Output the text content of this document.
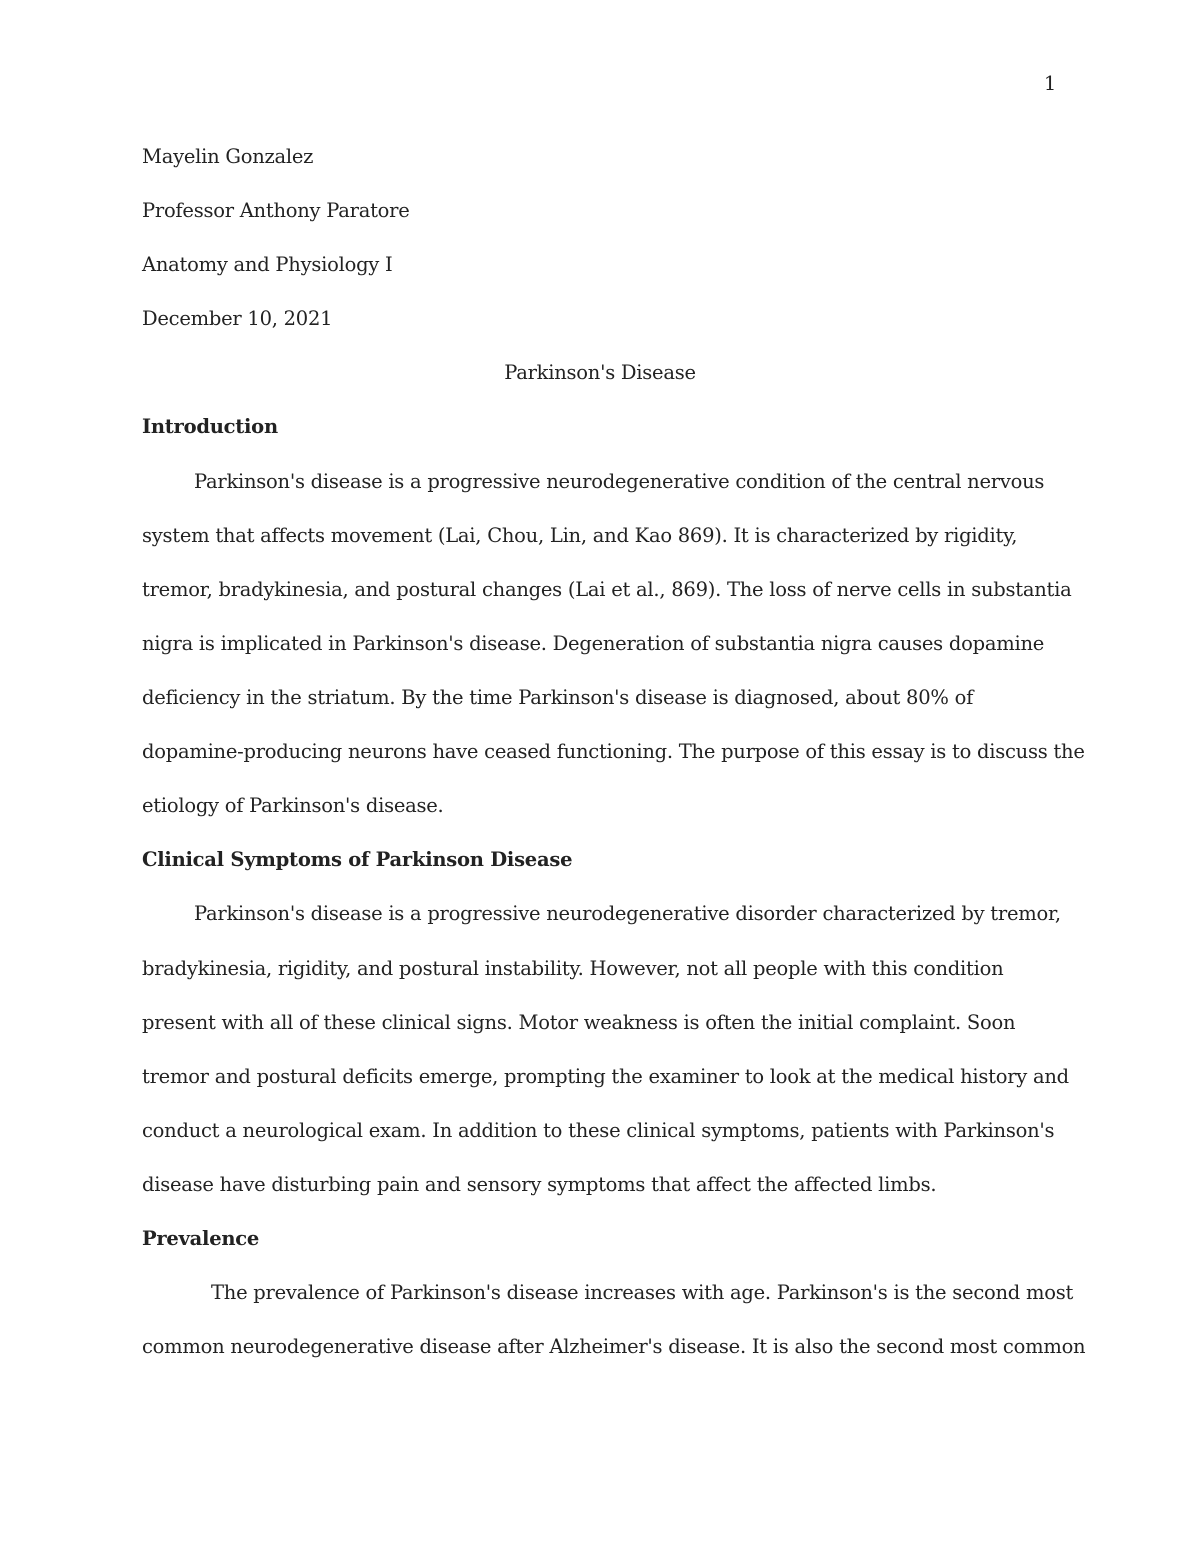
1
Mayelin Gonzalez
Professor Anthony Paratore
Anatomy and Physiology I
December 10, 2021
Parkinson's Disease
Introduction
Parkinson's disease is a progressive neurodegenerative condition of the central nervous
system that affects movement (Lai, Chou, Lin, and Kao 869). It is characterized by rigidity,
tremor, bradykinesia, and postural changes (Lai et al., 869). The loss of nerve cells in substantia
nigra is implicated in Parkinson's disease. Degeneration of substantia nigra causes dopamine
deficiency in the striatum. By the time Parkinson's disease is diagnosed, about 80% of
dopamine-producing neurons have ceased functioning. The purpose of this essay is to discuss the
etiology of Parkinson's disease.
Clinical Symptoms of Parkinson Disease
Parkinson's disease is a progressive neurodegenerative disorder characterized by tremor,
bradykinesia, rigidity, and postural instability. However, not all people with this condition
present with all of these clinical signs. Motor weakness is often the initial complaint. Soon
tremor and postural deficits emerge, prompting the examiner to look at the medical history and
conduct a neurological exam. In addition to these clinical symptoms, patients with Parkinson's
disease have disturbing pain and sensory symptoms that affect the affected limbs.
Prevalence
The prevalence of Parkinson's disease increases with age. Parkinson's is the second most
common neurodegenerative disease after Alzheimer's disease. It is also the second most common
